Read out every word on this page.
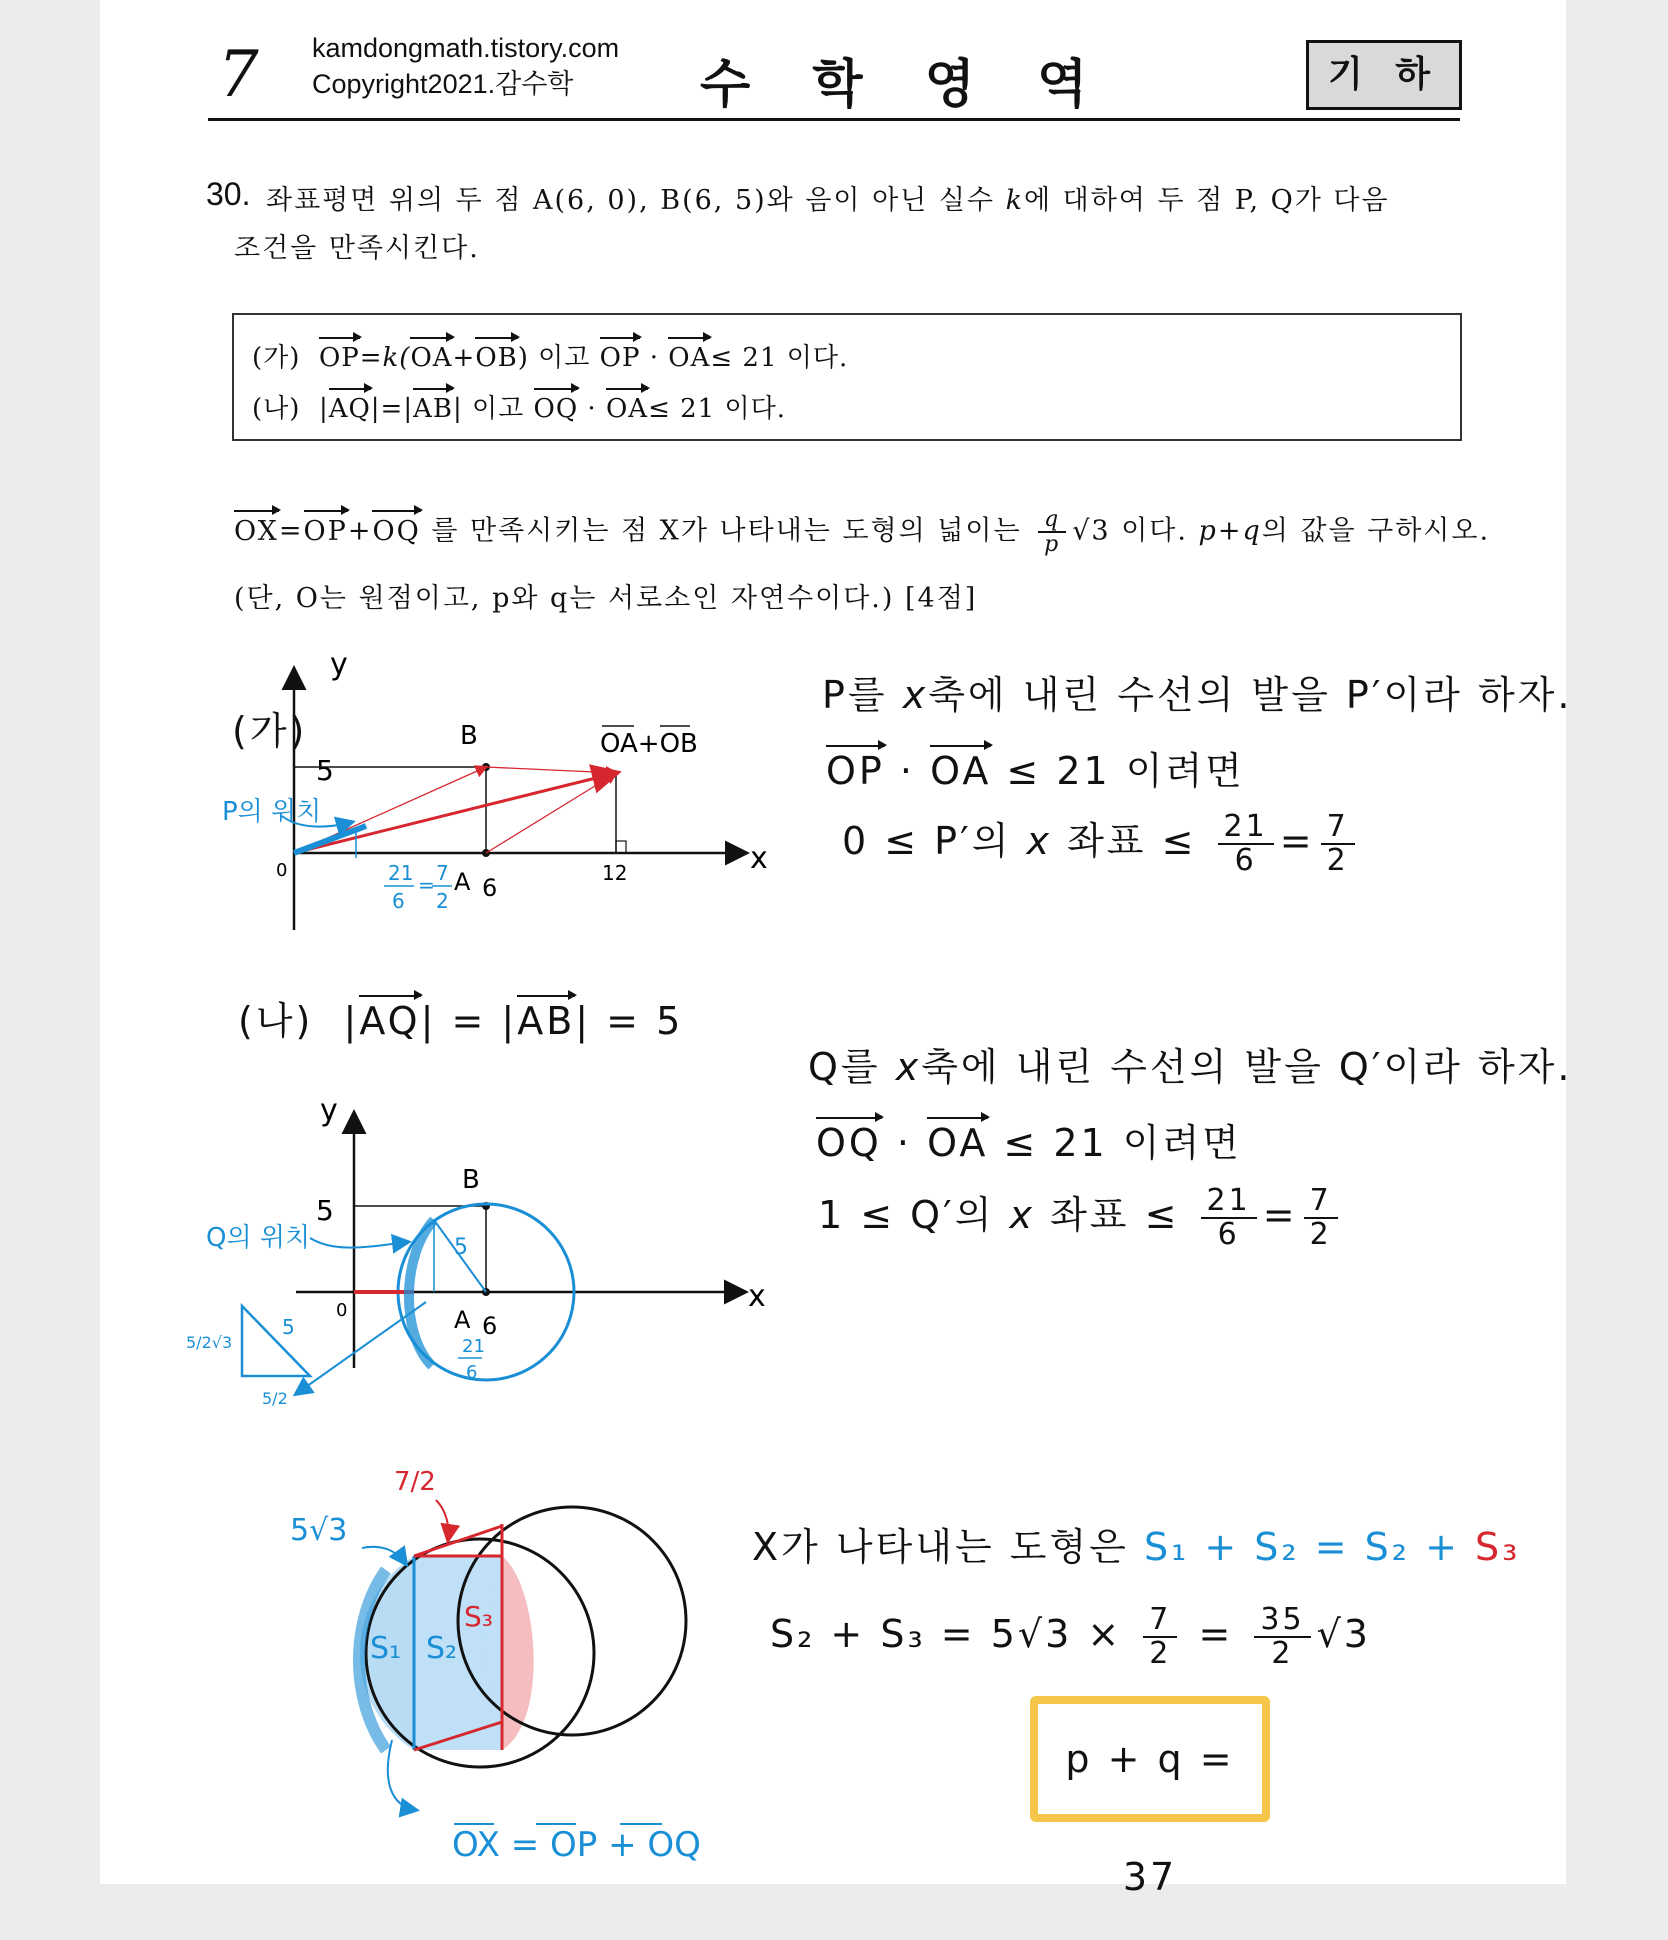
7 kamdongmath.tistory.com
Copyright2021.감수학	수 학 영 역	기 하
30. 좌표평면 위의 두 점 A(6, 0), B(6, 5)와 음이 아닌 실수 k에 대하여 두 점 P, Q가 다음
조건을 만족시킨다.
(가) OP=k(OA+OB) 이고 OP · OA≤ 21 이다.
(나) |AQ|=|AB| 이고 OQ · OA≤ 21 이다.
OX=OP+OQ 를 만족시키는 점 X가 나타내는 도형의 넓이는 $\frac{q}{p} √3$ 이다. p+q의 값을 구하시오.
(단, O는 원점이고, p와 q는 서로소인 자연수이다.) [4점]
(가)
y
x
0
5
B
A 6
12
P의 위치
OA+OB
21
6
= 7
2
P를 x축에 내린 수선의 발을 P′이라 하자.
OP · OA ≤ 21 이려면
0 ≤ P′의 x 좌표 ≤ $\frac{21}{6} = \frac{7}{2}$
(나) |AQ| = |AB| = 5
y
x
0
5
B
A 6
5
Q의 위치
21
6
5
5/2√3
5/2
Q를 x축에 내린 수선의 발을 Q′이라 하자.
OQ · OA ≤ 21 이려면
1 ≤ Q′의 x 좌표 ≤ $\frac{21}{6} = \frac{7}{2}$
S₁ S₂
S₃
7/2
5√3
OX = OP + OQ
X가 나타내는 도형은 S₁ + S₂ = S₂ + S₃
$S_2 + S_3 = 5√3 \times \frac{7}{2} = \frac{35}{2} √3$
p + q = 37
